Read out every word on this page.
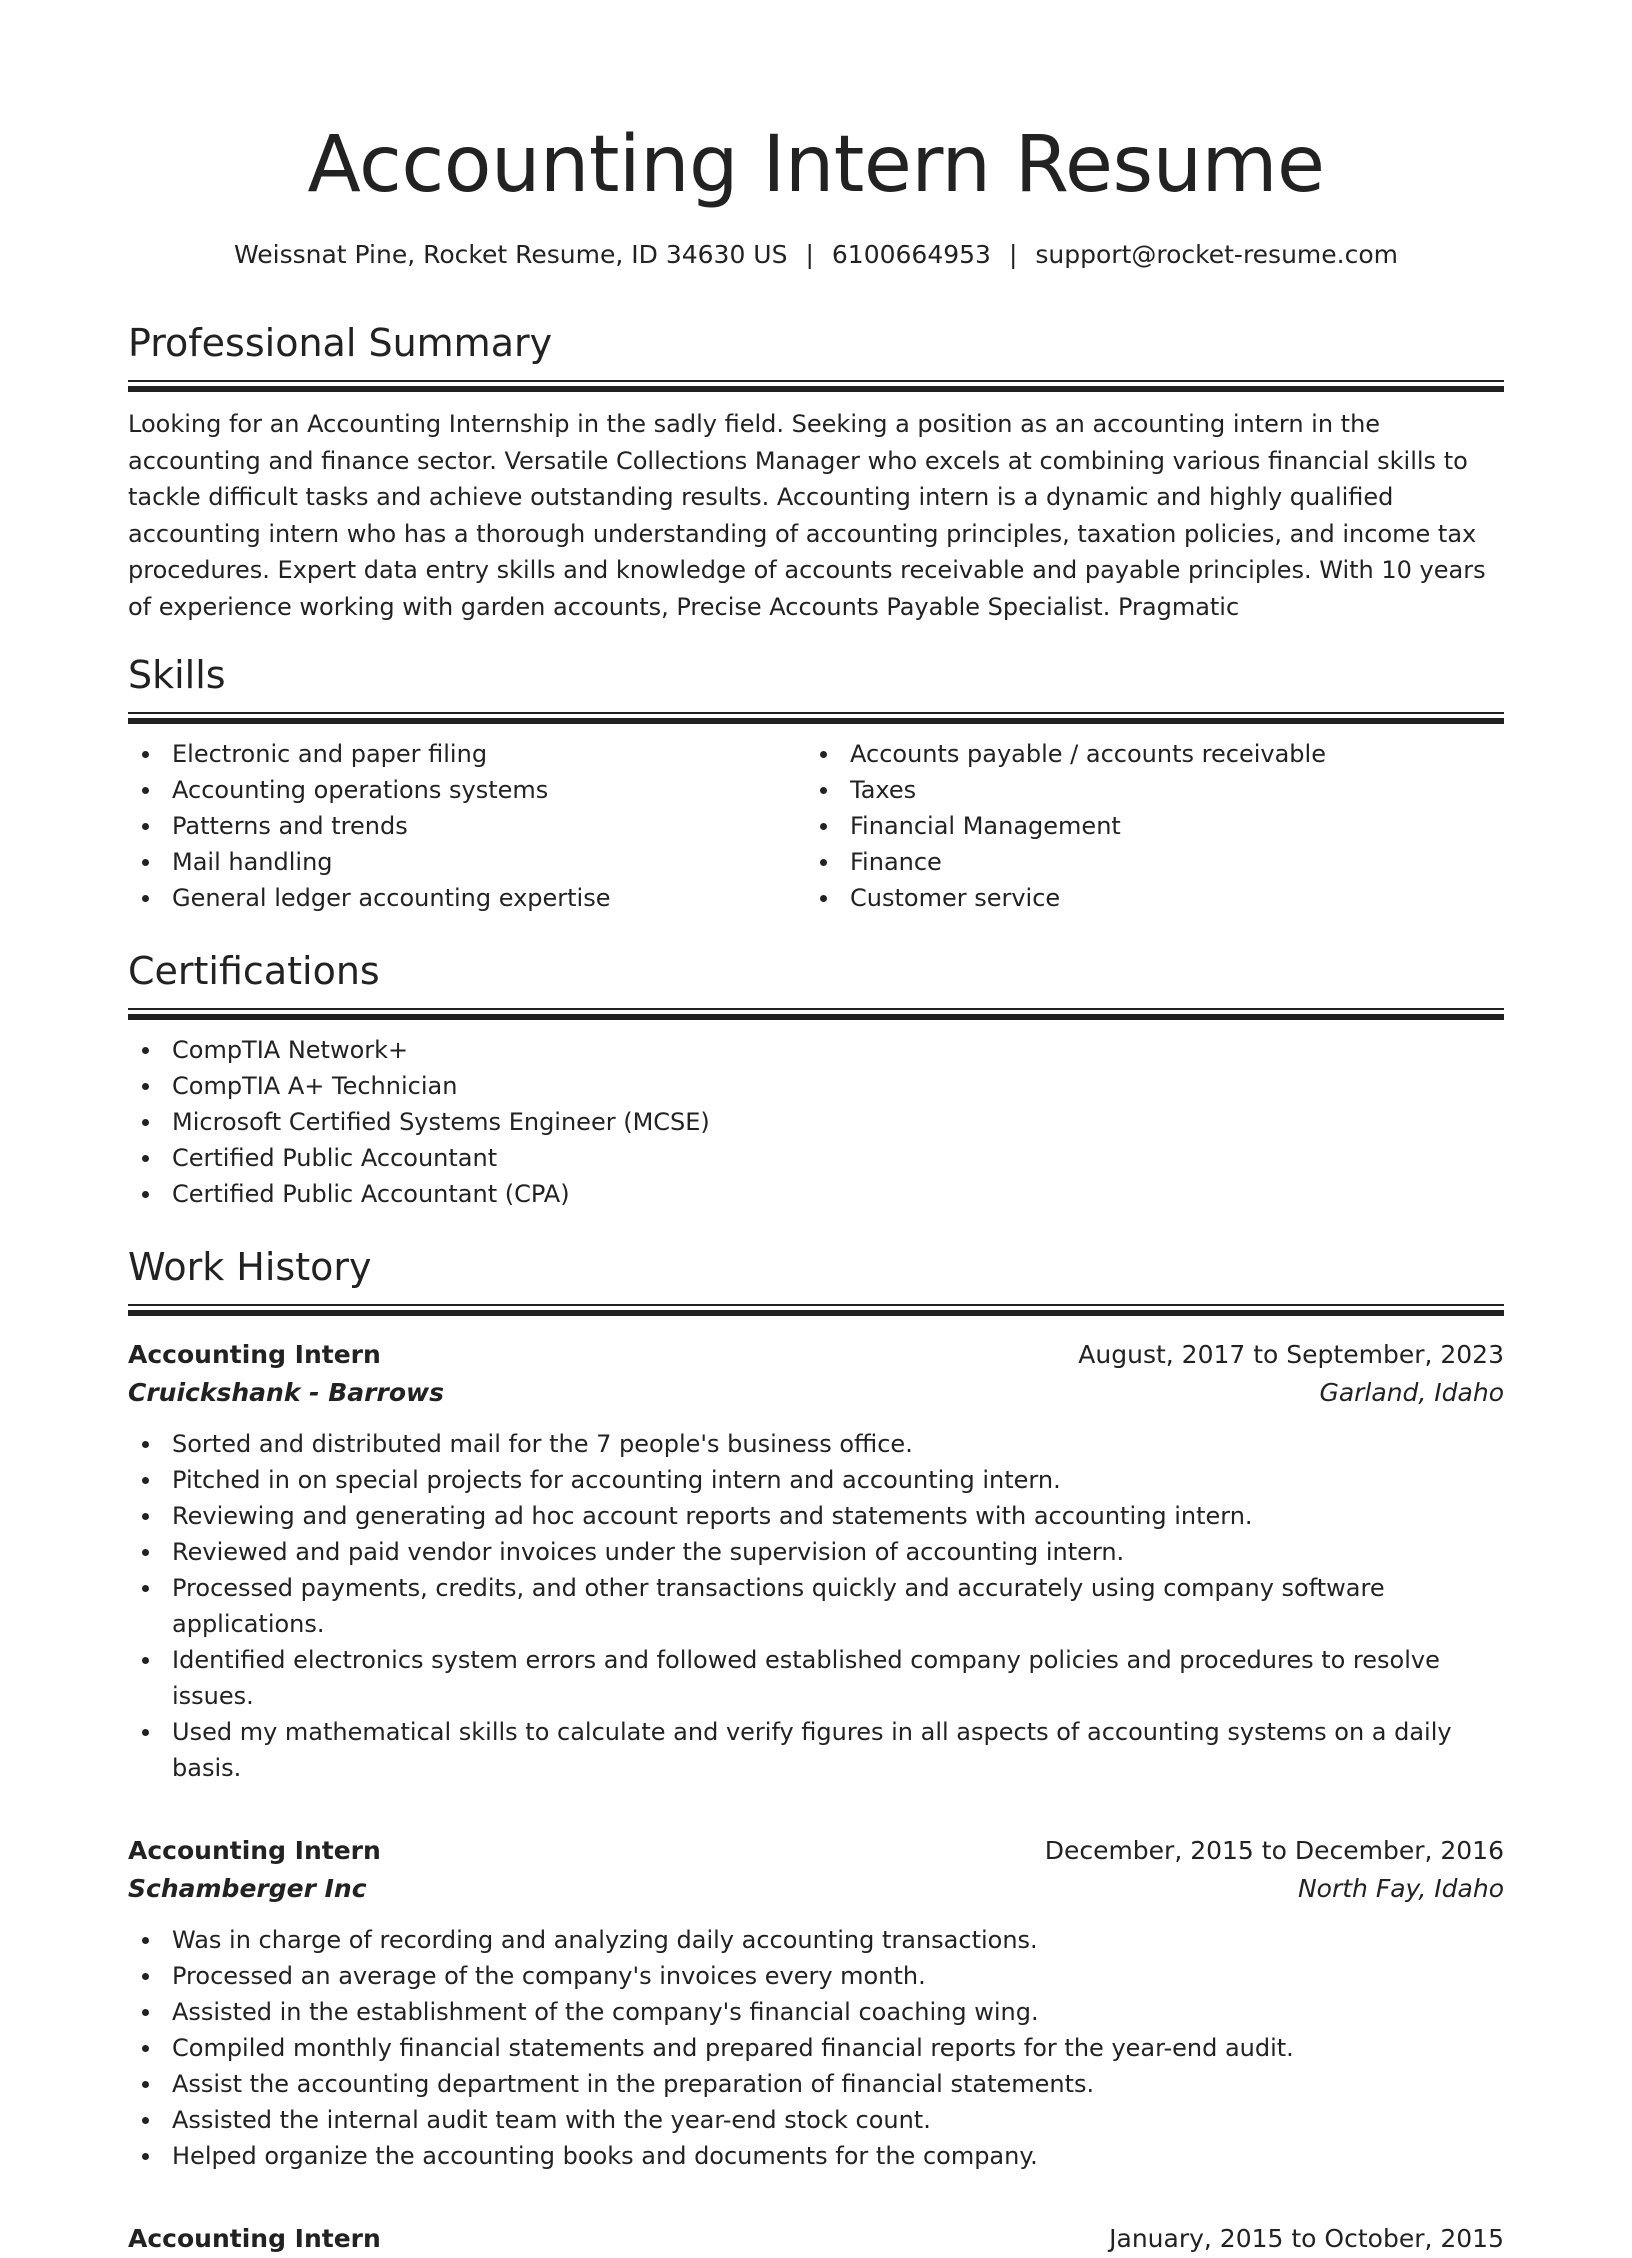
Accounting Intern Resume
Weissnat Pine, Rocket Resume, ID 34630 US | 6100664953 | support@rocket-resume.com
Professional Summary

Looking for an Accounting Internship in the sadly field. Seeking a position as an accounting intern in the accounting and finance sector. Versatile Collections Manager who excels at combining various financial skills to tackle difficult tasks and achieve outstanding results. Accounting intern is a dynamic and highly qualified accounting intern who has a thorough understanding of accounting principles, taxation policies, and income tax procedures. Expert data entry skills and knowledge of accounts receivable and payable principles. With 10 years of experience working with garden accounts, Precise Accounts Payable Specialist. Pragmatic

Skills
Electronic and paper filing
Accounting operations systems
Patterns and trends
Mail handling
General ledger accounting expertise
Accounts payable / accounts receivable
Taxes
Financial Management
Finance
Customer service
Certifications
CompTIA Network+
CompTIA A+ Technician
Microsoft Certified Systems Engineer (MCSE)
Certified Public Accountant
Certified Public Accountant (CPA)
Work History
Accounting Intern	August, 2017 to September, 2023
Cruickshank - Barrows	Garland, Idaho
Sorted and distributed mail for the 7 people's business office.
Pitched in on special projects for accounting intern and accounting intern.
Reviewing and generating ad hoc account reports and statements with accounting intern.
Reviewed and paid vendor invoices under the supervision of accounting intern.
Processed payments, credits, and other transactions quickly and accurately using company software applications.
Identified electronics system errors and followed established company policies and procedures to resolve issues.
Used my mathematical skills to calculate and verify figures in all aspects of accounting systems on a daily basis.
Accounting Intern	December, 2015 to December, 2016
Schamberger Inc	North Fay, Idaho
Was in charge of recording and analyzing daily accounting transactions.
Processed an average of the company's invoices every month.
Assisted in the establishment of the company's financial coaching wing.
Compiled monthly financial statements and prepared financial reports for the year-end audit.
Assist the accounting department in the preparation of financial statements.
Assisted the internal audit team with the year-end stock count.
Helped organize the accounting books and documents for the company.
Accounting Intern	January, 2015 to October, 2015
